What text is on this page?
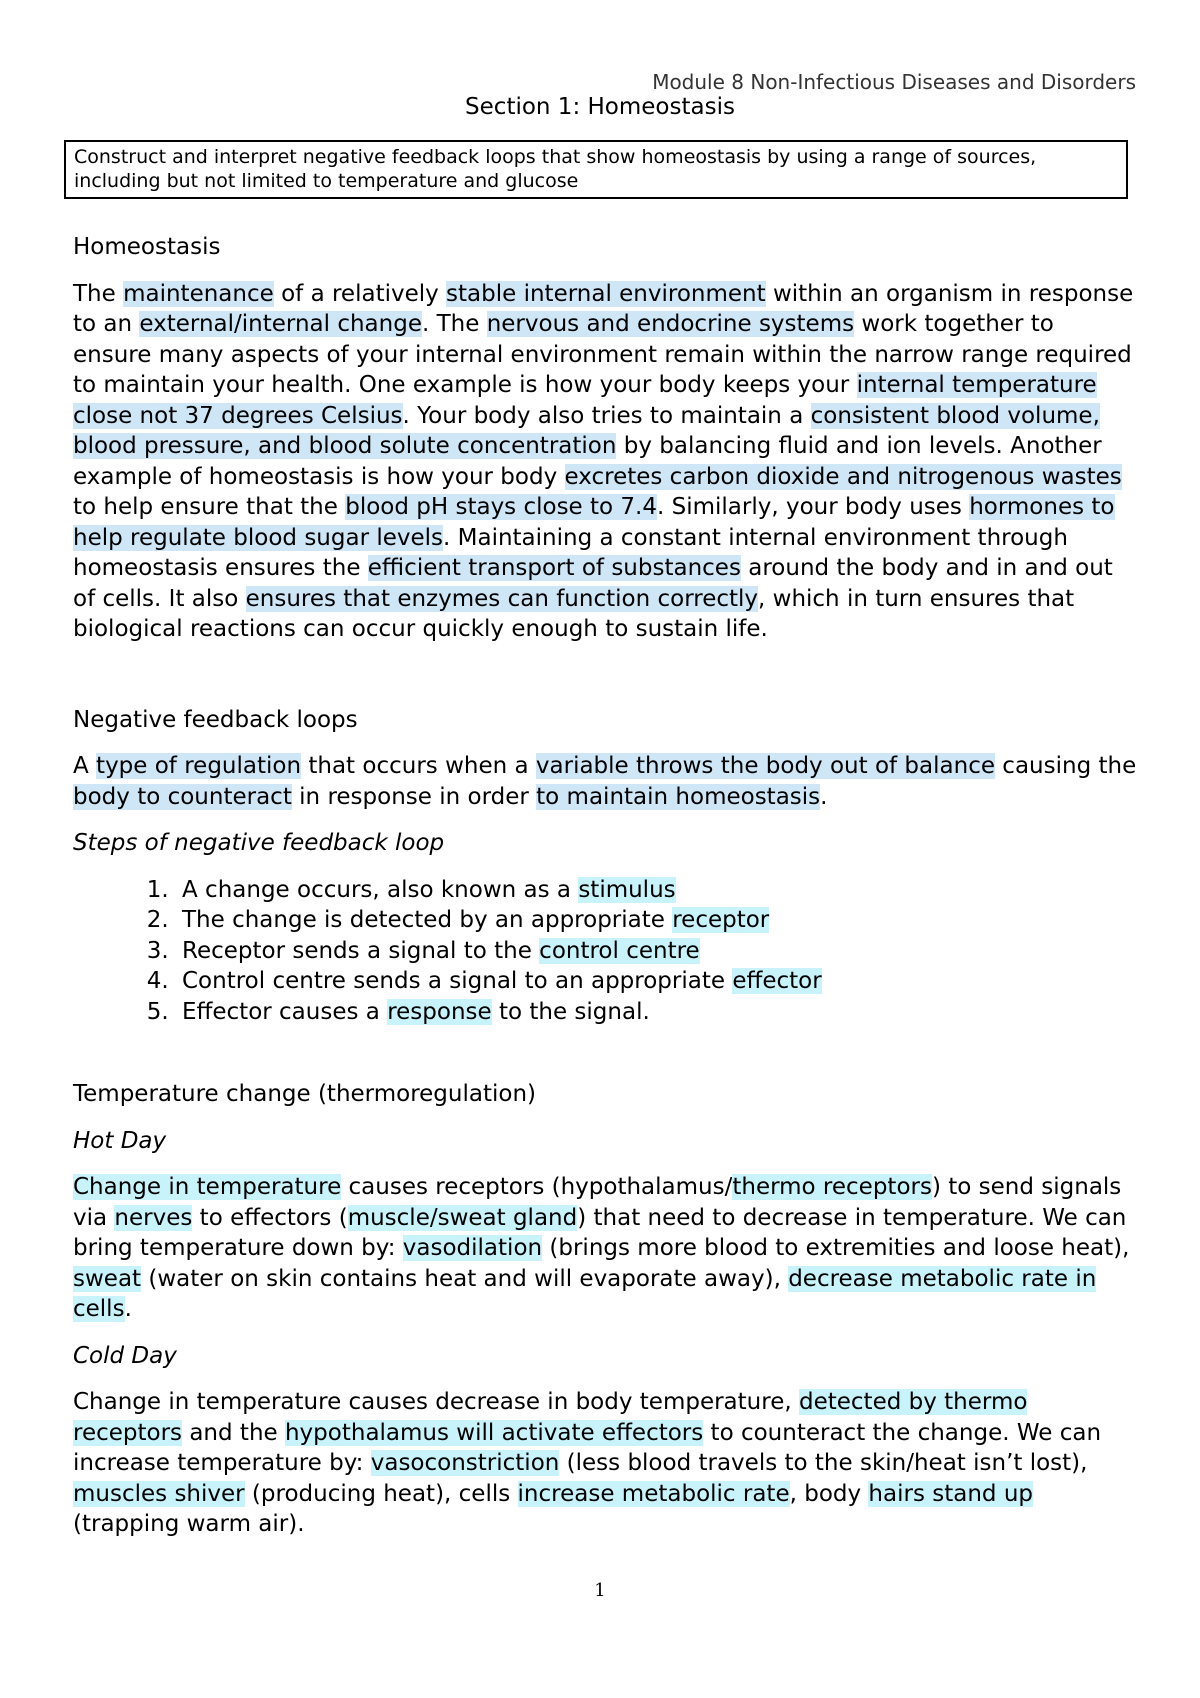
Module 8 Non-Infectious Diseases and Disorders
Section 1: Homeostasis
Construct and interpret negative feedback loops that show homeostasis by using a range of sources, including but not limited to temperature and glucose

Homeostasis

The maintenance of a relatively stable internal environment within an organism in response to an external/internal change. The nervous and endocrine systems work together to ensure many aspects of your internal environment remain within the narrow range required to maintain your health. One example is how your body keeps your internal temperature close not 37 degrees Celsius. Your body also tries to maintain a consistent blood volume, blood pressure, and blood solute concentration by balancing fluid and ion levels. Another example of homeostasis is how your body excretes carbon dioxide and nitrogenous wastes to help ensure that the blood pH stays close to 7.4. Similarly, your body uses hormones to help regulate blood sugar levels. Maintaining a constant internal environment through homeostasis ensures the efficient transport of substances around the body and in and out of cells. It also ensures that enzymes can function correctly, which in turn ensures that biological reactions can occur quickly enough to sustain life.

Negative feedback loops

A type of regulation that occurs when a variable throws the body out of balance causing the body to counteract in response in order to maintain homeostasis.

Steps of negative feedback loop

1. A change occurs, also known as a stimulus
2. The change is detected by an appropriate receptor
3. Receptor sends a signal to the control centre
4. Control centre sends a signal to an appropriate effector
5. Effector causes a response to the signal.

Temperature change (thermoregulation)

Hot Day

Change in temperature causes receptors (hypothalamus/thermo receptors) to send signals via nerves to effectors (muscle/sweat gland) that need to decrease in temperature. We can bring temperature down by: vasodilation (brings more blood to extremities and loose heat), sweat (water on skin contains heat and will evaporate away), decrease metabolic rate in cells.

Cold Day

Change in temperature causes decrease in body temperature, detected by thermo receptors and the hypothalamus will activate effectors to counteract the change. We can increase temperature by: vasoconstriction (less blood travels to the skin/heat isn’t lost), muscles shiver (producing heat), cells increase metabolic rate, body hairs stand up (trapping warm air).

1
